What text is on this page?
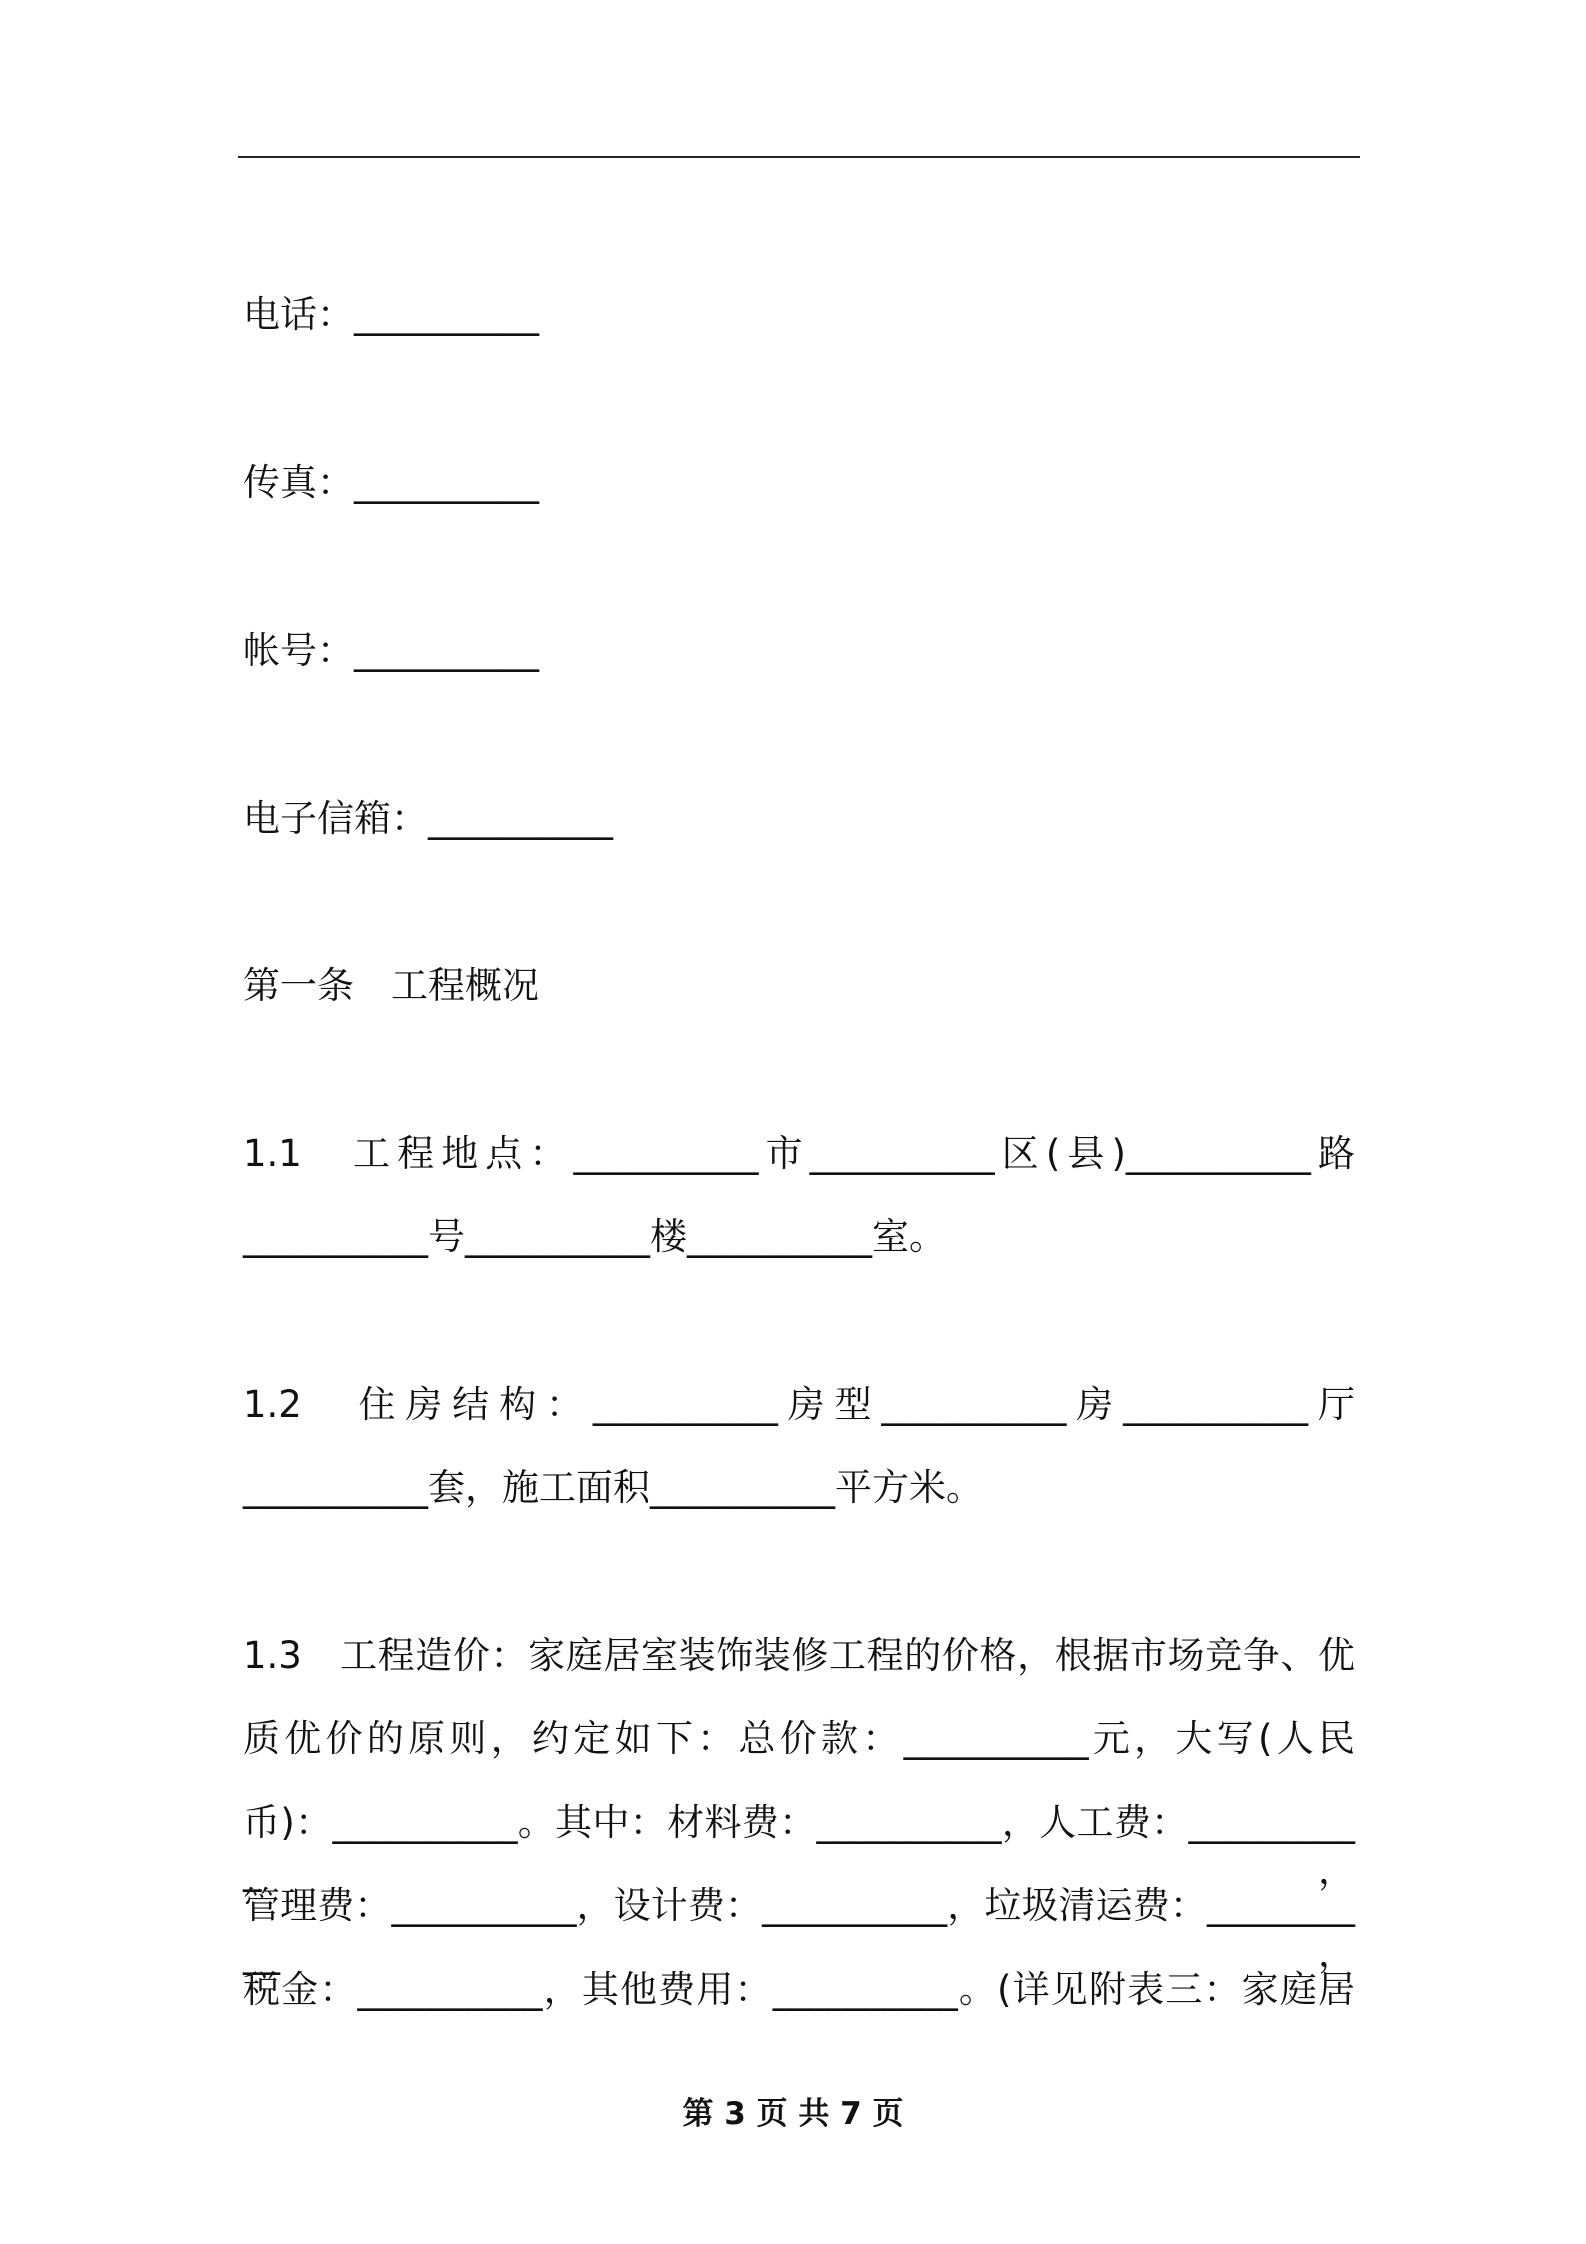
电话：__________
传真：__________
帐号：__________
电子信箱：__________
第一条　工程概况
1.1　工程地点：__________市__________区(县)__________路
__________号__________楼__________室。
1.2　住房结构：__________房型__________房__________厅
__________套，施工面积__________平方米。
1.3　工程造价：家庭居室装饰装修工程的价格，根据市场竞争、优
质优价的原则，约定如下：总价款：__________元，大写(人民
币)：__________。其中：材料费：__________，人工费：__________，
管理费：__________，设计费：__________，垃圾清运费：__________，
税金：__________，其他费用：__________。(详见附表三：家庭居
第 3 页 共 7 页
